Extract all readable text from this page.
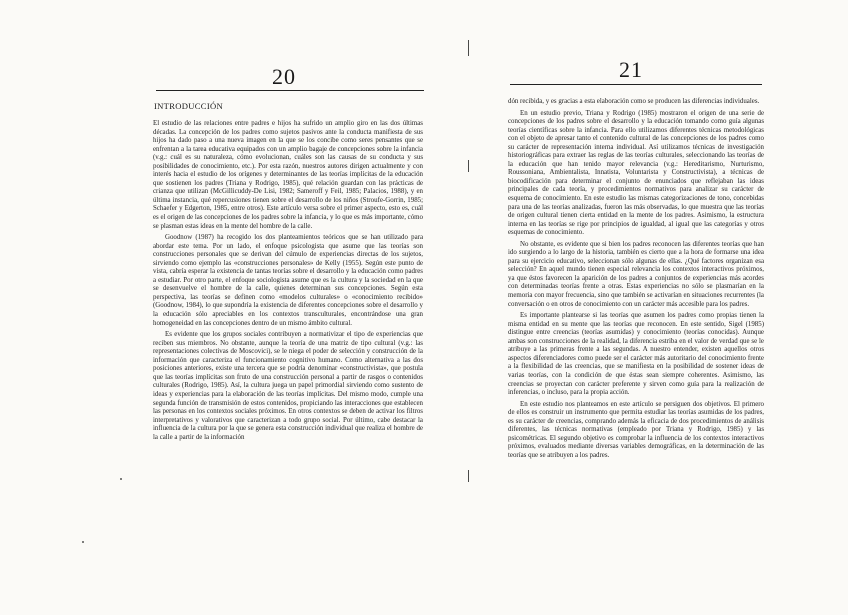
20
INTRODUCCIÓN

El estudio de las relaciones entre padres e hijos ha sufrido un amplio giro en las dos últimas décadas. La concepción de los padres como sujetos pasivos ante la conducta manifiesta de sus hijos ha dado paso a una nueva imagen en la que se los concibe como seres pensantes que se enfrentan a la tarea educativa equipados con un amplio bagaje de concepciones sobre la infancia (v.g.: cuál es su naturaleza, cómo evolucionan, cuáles son las causas de su conducta y sus posibilidades de conocimiento, etc.). Por esta razón, nuestros autores dirigen actualmente y con interés hacia el estudio de los orígenes y determinantes de las teorías implícitas de la educación que sostienen los padres (Triana y Rodrigo, 1985), qué relación guardan con las prácticas de crianza que utilizan (McGillicuddy-De Lisi, 1982; Sameroff y Feil, 1985; Palacios, 1988), y en última instancia, qué repercusiones tienen sobre el desarrollo de los niños (Stroufe-Gorrin, 1985; Schaefer y Edgerton, 1985, entre otros). Este artículo versa sobre el primer aspecto, esto es, cuál es el origen de las concepciones de los padres sobre la infancia, y lo que es más importante, cómo se plasman estas ideas en la mente del hombre de la calle.

Goodnow (1987) ha recogido los dos planteamientos teóricos que se han utilizado para abordar este tema. Por un lado, el enfoque psicologista que asume que las teorías son construcciones personales que se derivan del cúmulo de experiencias directas de los sujetos, sirviendo como ejemplo las «construcciones personales» de Kelly (1955). Según este punto de vista, cabría esperar la existencia de tantas teorías sobre el desarrollo y la educación como padres a estudiar. Por otro parte, el enfoque sociologista asume que es la cultura y la sociedad en la que se desenvuelve el hombre de la calle, quienes determinan sus concepciones. Según esta perspectiva, las teorías se definen como «modelos culturales» o «conocimiento recibido» (Goodnow, 1984), lo que supondría la existencia de diferentes concepciones sobre el desarrollo y la educación sólo apreciables en los contextos transculturales, encontrándose una gran homogeneidad en las concepciones dentro de un mismo ámbito cultural.

Es evidente que los grupos sociales contribuyen a normativizar el tipo de experiencias que reciben sus miembros. No obstante, aunque la teoría de una matriz de tipo cultural (v.g.: las representaciones colectivas de Moscovici), se le niega el poder de selección y construcción de la información que caracteriza el funcionamiento cognitivo humano. Como alternativa a las dos posiciones anteriores, existe una tercera que se podría denominar «constructivista», que postula que las teorías implícitas son fruto de una construcción personal a partir de rasgos o contenidos culturales (Rodrigo, 1985). Así, la cultura juega un papel primordial sirviendo como sustento de ideas y experiencias para la elaboración de las teorías implícitas. Del mismo modo, cumple una segunda función de transmisión de estos contenidos, propiciando las interacciones que establecen las personas en los contextos sociales próximos. En otros contextos se deben de activar los filtros interpretativos y valorativos que caracterizan a todo grupo social. Por último, cabe destacar la influencia de la cultura por la que se genera esta construcción individual que realiza el hombre de la calle a partir de la información

21

dón recibida, y es gracias a esta elaboración como se producen las diferencias individuales.

En un estudio previo, Triana y Rodrigo (1985) mostraron el origen de una serie de concepciones de los padres sobre el desarrollo y la educación tomando como guía algunas teorías científicas sobre la infancia. Para ello utilizamos diferentes técnicas metodológicas con el objeto de apresar tanto el contenido cultural de las concepciones de los padres como su carácter de representación interna individual. Así utilizamos técnicas de investigación historiográficas para extraer las reglas de las teorías culturales, seleccionando las teorías de la educación que han tenido mayor relevancia (v.g.: Hereditarismo, Nurturismo, Roussoniana, Ambientalista, Innatista, Voluntarista y Constructivista), a técnicas de biocodificación para determinar el conjunto de enunciados que reflejaban las ideas principales de cada teoría, y procedimientos normativos para analizar su carácter de esquema de conocimiento. En este estudio las mismas categorizaciones de tono, concebidas para una de las teorías analizadas, fueron las más observadas, lo que muestra que las teorías de origen cultural tienen cierta entidad en la mente de los padres. Asimismo, la estructura interna en las teorías se rige por principios de igualdad, al igual que las categorías y otros esquemas de conocimiento.

No obstante, es evidente que si bien los padres reconocen las diferentes teorías que han ido surgiendo a lo largo de la historia, también es cierto que a la hora de formarse una idea para su ejercicio educativo, seleccionan sólo algunas de ellas. ¿Qué factores organizan esa selección? En aquel mundo tienen especial relevancia los contextos interactivos próximos, ya que éstos favorecen la aparición de los padres a conjuntos de experiencias más acordes con determinadas teorías frente a otras. Estas experiencias no sólo se plasmarían en la memoria con mayor frecuencia, sino que también se activarían en situaciones recurrentes (la conversación o en otros de conocimiento con un carácter más accesible para los padres.

Es importante plantearse si las teorías que asumen los padres como propias tienen la misma entidad en su mente que las teorías que reconocen. En este sentido, Sigel (1985) distingue entre creencias (teorías asumidas) y conocimiento (teorías conocidas). Aunque ambas son construcciones de la realidad, la diferencia estriba en el valor de verdad que se le atribuye a las primeras frente a las segundas. A nuestro entender, existen aquellos otros aspectos diferenciadores como puede ser el carácter más autoritario del conocimiento frente a la flexibilidad de las creencias, que se manifiesta en la posibilidad de sostener ideas de varias teorías, con la condición de que éstas sean siempre coherentes. Asimismo, las creencias se proyectan con carácter preferente y sirven como guía para la realización de inferencias, o incluso, para la propia acción.

En este estudio nos planteamos en este artículo se persiguen dos objetivos. El primero de ellos es construir un instrumento que permita estudiar las teorías asumidas de los padres, es su carácter de creencias, comprando además la eficacia de dos procedimientos de análisis diferentes, las técnicas normativas (empleado por Triana y Rodrigo, 1985) y las psicométricas. El segundo objetivo es comprobar la influencia de los contextos interactivos próximos, evaluados mediante diversas variables demográficas, en la determinación de las teorías que se atribuyen a los padres.
